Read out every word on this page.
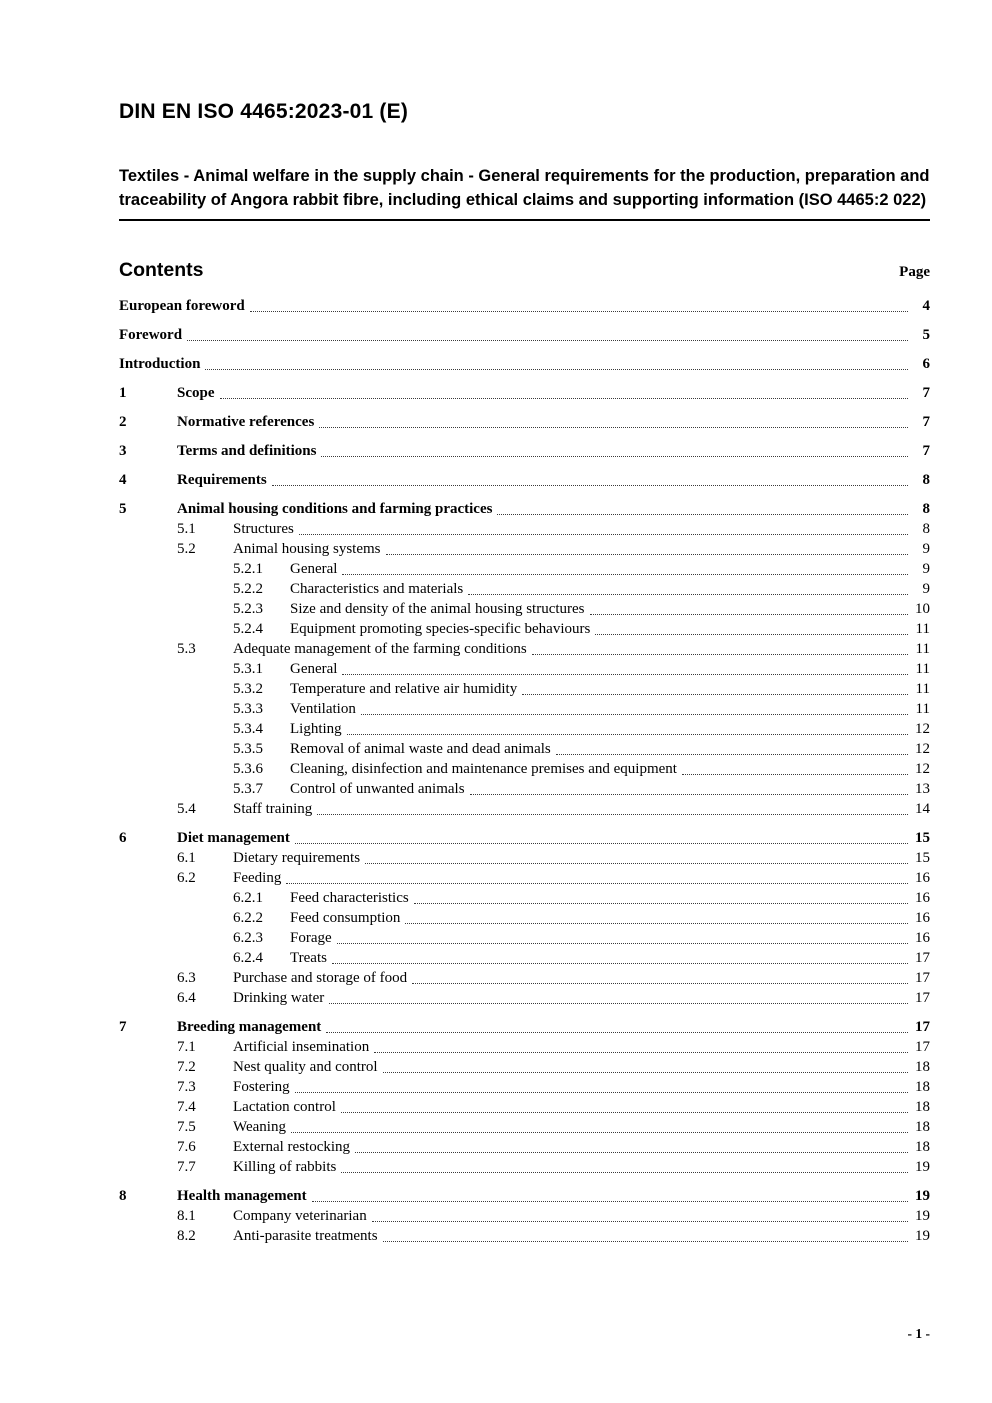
DIN EN ISO 4465:2023-01 (E)
Textiles - Animal welfare in the supply chain - General requirements for the production, preparation and traceability of Angora rabbit fibre, including ethical claims and supporting information (ISO 4465:2 022)
Contents	Page
European foreword	4
Foreword	5
Introduction	6
1	Scope	7
2	Normative references	7
3	Terms and definitions	7
4	Requirements	8
5	Animal housing conditions and farming practices	8
5.1	Structures	8
5.2	Animal housing systems	9
5.2.1	General	9
5.2.2	Characteristics and materials	9
5.2.3	Size and density of the animal housing structures	10
5.2.4	Equipment promoting species-specific behaviours	11
5.3	Adequate management of the farming conditions	11
5.3.1	General	11
5.3.2	Temperature and relative air humidity	11
5.3.3	Ventilation	11
5.3.4	Lighting	12
5.3.5	Removal of animal waste and dead animals	12
5.3.6	Cleaning, disinfection and maintenance premises and equipment	12
5.3.7	Control of unwanted animals	13
5.4	Staff training	14
6	Diet management	15
6.1	Dietary requirements	15
6.2	Feeding	16
6.2.1	Feed characteristics	16
6.2.2	Feed consumption	16
6.2.3	Forage	16
6.2.4	Treats	17
6.3	Purchase and storage of food	17
6.4	Drinking water	17
7	Breeding management	17
7.1	Artificial insemination	17
7.2	Nest quality and control	18
7.3	Fostering	18
7.4	Lactation control	18
7.5	Weaning	18
7.6	External restocking	18
7.7	Killing of rabbits	19
8	Health management	19
8.1	Company veterinarian	19
8.2	Anti-parasite treatments	19
- 1 -
